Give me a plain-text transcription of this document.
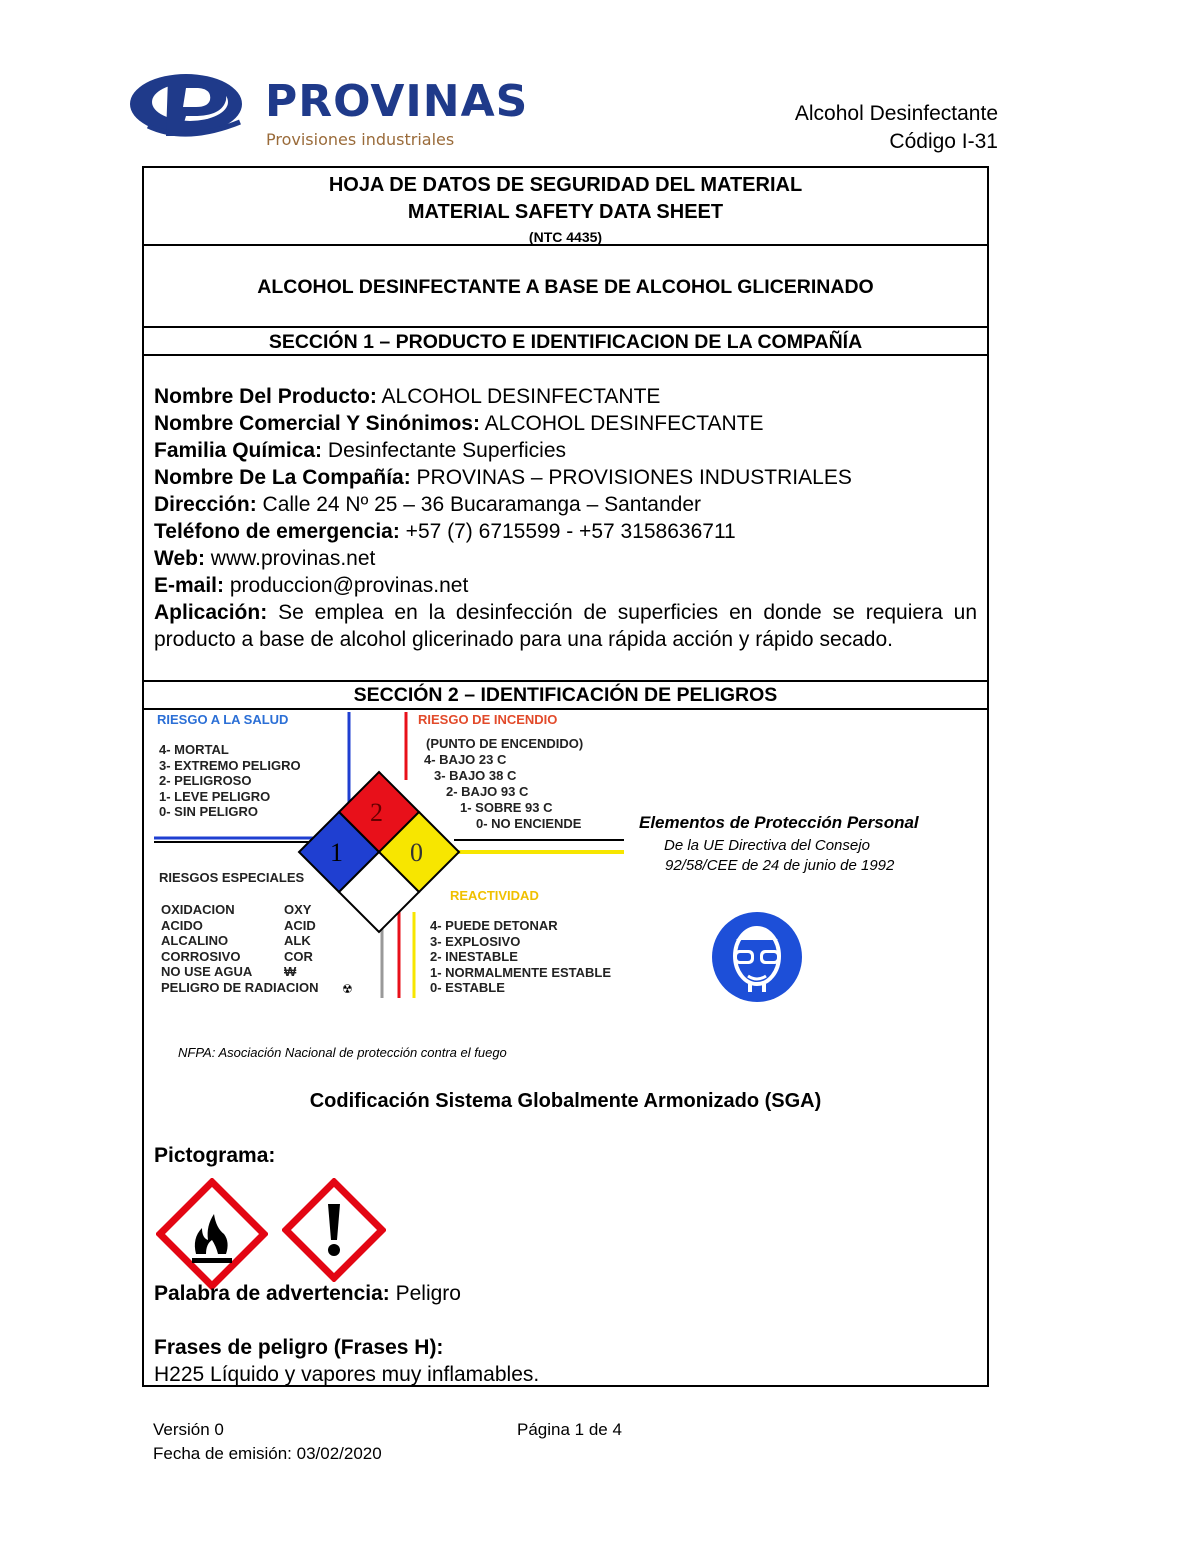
PROVINAS
Provisiones industriales
Alcohol Desinfectante
Código I-31
HOJA DE DATOS DE SEGURIDAD DEL MATERIAL
MATERIAL SAFETY DATA SHEET
(NTC 4435)
ALCOHOL DESINFECTANTE A BASE DE ALCOHOL GLICERINADO
SECCIÓN 1 – PRODUCTO E IDENTIFICACION DE LA COMPAÑÍA
Nombre Del Producto: ALCOHOL DESINFECTANTE
Nombre Comercial Y Sinónimos: ALCOHOL DESINFECTANTE
Familia Química: Desinfectante Superficies
Nombre De La Compañía: PROVINAS – PROVISIONES INDUSTRIALES
Dirección: Calle 24 Nº 25 – 36 Bucaramanga – Santander
Teléfono de emergencia: +57 (7) 6715599 - +57 3158636711
Web: www.provinas.net
E-mail: produccion@provinas.net
Aplicación: Se emplea en la desinfección de superficies en donde se requiera un producto a base de alcohol glicerinado para una rápida acción y rápido secado.
SECCIÓN 2 – IDENTIFICACIÓN DE PELIGROS
2
1	0
RIESGO A LA SALUD
4- MORTAL
3- EXTREMO PELIGRO
2- PELIGROSO
1- LEVE PELIGRO
0- SIN PELIGRO
RIESGO DE INCENDIO
(PUNTO DE ENCENDIDO)
4- BAJO 23 C
3- BAJO 38 C
2- BAJO 93 C
1- SOBRE 93 C
0- NO ENCIENDE
RIESGOS ESPECIALES
OXIDACION
ACIDO
ALCALINO
CORROSIVO
NO USE AGUA
PELIGRO DE RADIACION
OXY
ACID
ALK
COR
₩
☢
REACTIVIDAD
4- PUEDE DETONAR
3- EXPLOSIVO
2- INESTABLE
1- NORMALMENTE ESTABLE
0- ESTABLE
Elementos de Protección Personal
De la UE Directiva del Consejo
92/58/CEE de 24 de junio de 1992
NFPA: Asociación Nacional de protección contra el fuego
Codificación Sistema Globalmente Armonizado (SGA)
Pictograma:
Palabra de advertencia: Peligro
Frases de peligro (Frases H):
H225 Líquido y vapores muy inflamables.
Versión 0
Fecha de emisión: 03/02/2020
Página 1 de 4
